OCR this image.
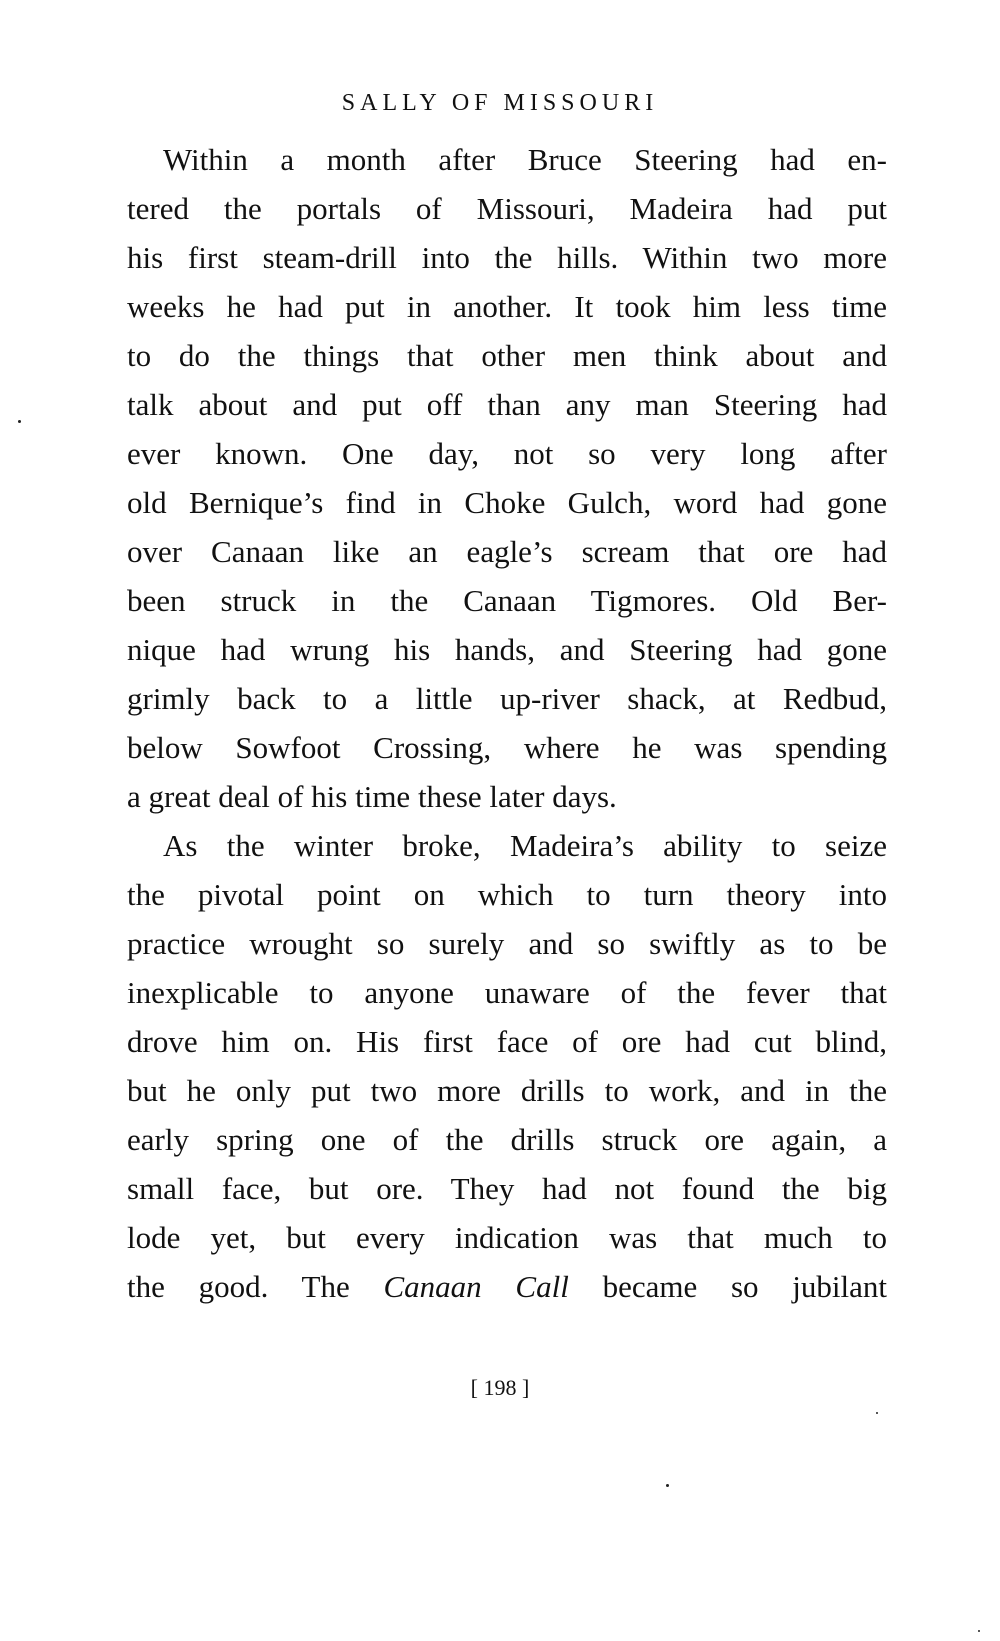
SALLY OF MISSOURI
Within a month after Bruce Steering had en-
tered the portals of Missouri, Madeira had put
his first steam-drill into the hills. Within two more
weeks he had put in another. It took him less time
to do the things that other men think about and
talk about and put off than any man Steering had
ever known. One day, not so very long after
old Bernique’s find in Choke Gulch, word had gone
over Canaan like an eagle’s scream that ore had
been struck in the Canaan Tigmores. Old Ber-
nique had wrung his hands, and Steering had gone
grimly back to a little up-river shack, at Redbud,
below Sowfoot Crossing, where he was spending
a great deal of his time these later days.
As the winter broke, Madeira’s ability to seize
the pivotal point on which to turn theory into
practice wrought so surely and so swiftly as to be
inexplicable to anyone unaware of the fever that
drove him on. His first face of ore had cut blind,
but he only put two more drills to work, and in the
early spring one of the drills struck ore again, a
small face, but ore. They had not found the big
lode yet, but every indication was that much to
the good. The Canaan Call became so jubilant
[ 198 ]
